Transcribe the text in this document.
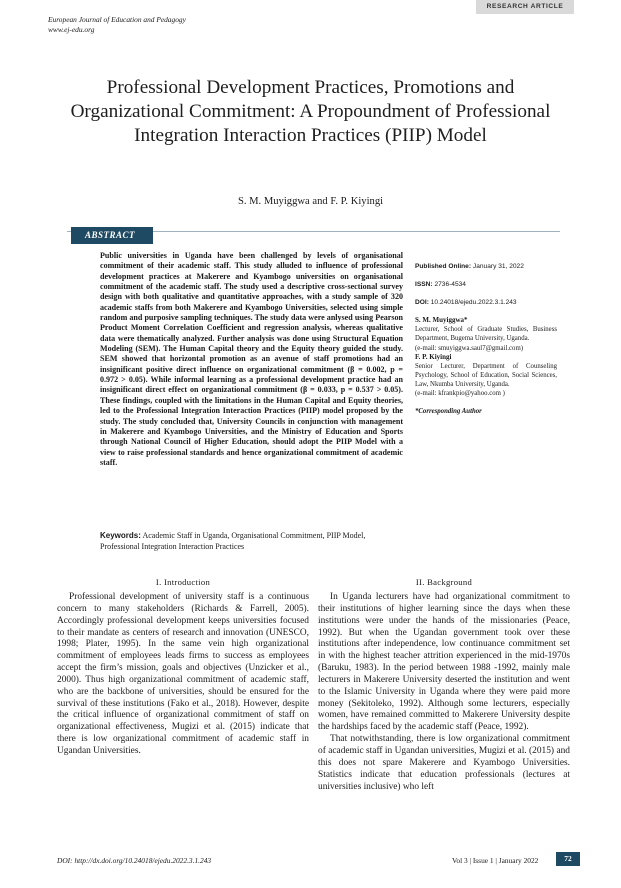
European Journal of Education and Pedagogy
www.ej-edu.org
RESEARCH ARTICLE
Professional Development Practices, Promotions and Organizational Commitment: A Propoundment of Professional Integration Interaction Practices (PIIP) Model
S. M. Muyiggwa and F. P. Kiyingi
ABSTRACT
Public universities in Uganda have been challenged by levels of organisational commitment of their academic staff. This study alluded to influence of professional development practices at Makerere and Kyambogo universities on organisational commitment of the academic staff. The study used a descriptive cross-sectional survey design with both qualitative and quantitative approaches, with a study sample of 320 academic staffs from both Makerere and Kyambogo Universities, selected using simple random and purposive sampling techniques. The study data were anlysed using Pearson Product Moment Correlation Coefficient and regression analysis, whereas qualitative data were thematically analyzed. Further analysis was done using Structural Equation Modeling (SEM). The Human Capital theory and the Equity theory guided the study. SEM showed that horizontal promotion as an avenue of staff promotions had an insignificant positive direct influence on organizational commitment (β = 0.002, p = 0.972 > 0.05). While informal learning as a professional development practice had an insignificant direct effect on organizational commitment (β = 0.033, p = 0.537 > 0.05). These findings, coupled with the limitations in the Human Capital and Equity theories, led to the Professional Integration Interaction Practices (PIIP) model proposed by the study. The study concluded that, University Councils in conjunction with management in Makerere and Kyambogo Universities, and the Ministry of Education and Sports through National Council of Higher Education, should adopt the PIIP Model with a view to raise professional standards and hence organizational commitment of academic staff.

Published Online: January 31, 2022

ISSN: 2736-4534

DOI: 10.24018/ejedu.2022.3.1.243

S. M. Muyiggwa*

Lecturer, School of Graduate Studies, Business Department, Bugema University, Uganda.

(e-mail: smuyiggwa.saul7@gmail.com)

F. P. Kiyingi

Senior Lecturer, Department of Counseling Psychology, School of Education, Social Sciences, Law, Nkumba University, Uganda.

(e-mail: kfrankpio@yahoo.com )

*Corresponding Author

Keywords: Academic Staff in Uganda, Organisational Commitment, PIIP Model, Professional Integration Interaction Practices
I. Introduction	II. Background

Professional development of university staff is a continuous concern to many stakeholders (Richards & Farrell, 2005). Accordingly professional development keeps universities focused to their mandate as centers of research and innovation (UNESCO, 1998; Plater, 1995). In the same vein high organizational commitment of employees leads firms to success as employees accept the firm’s mission, goals and objectives (Unzicker et al., 2000). Thus high organizational commitment of academic staff, who are the backbone of universities, should be ensured for the survival of these institutions (Fako et al., 2018). However, despite the critical influence of organizational commitment of staff on organizational effectiveness, Mugizi et al. (2015) indicate that there is low organizational commitment of academic staff in Ugandan Universities.

In Uganda lecturers have had organizational commitment to their institutions of higher learning since the days when these institutions were under the hands of the missionaries (Peace, 1992). But when the Ugandan government took over these institutions after independence, low continuance commitment set in with the highest teacher attrition experienced in the mid-1970s (Baruku, 1983). In the period between 1988 -1992, mainly male lecturers in Makerere University deserted the institution and went to the Islamic University in Uganda where they were paid more money (Sekitoleko, 1992). Although some lecturers, especially women, have remained committed to Makerere University despite the hardships faced by the academic staff (Peace, 1992).

That notwithstanding, there is low organizational commitment of academic staff in Ugandan universities, Mugizi et al. (2015) and this does not spare Makerere and Kyambogo Universities. Statistics indicate that education professionals (lectures at universities inclusive) who left

DOI: http://dx.doi.org/10.24018/ejedu.2022.3.1.243	Vol 3 | Issue 1 | January 2022	72
